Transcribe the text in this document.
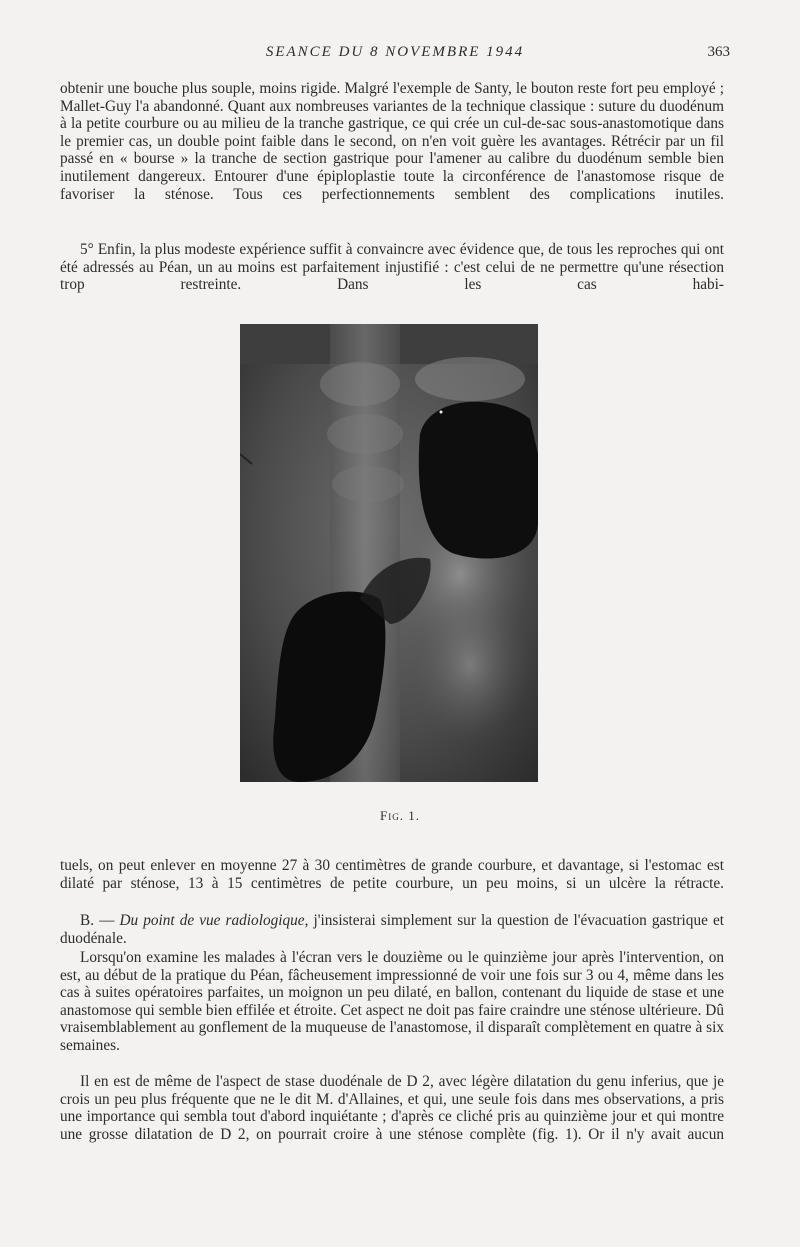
SEANCE DU 8 NOVEMBRE 1944	363

obtenir une bouche plus souple, moins rigide. Malgré l'exemple de Santy, le bouton reste fort peu employé ; Mallet-Guy l'a abandonné. Quant aux nombreuses variantes de la technique classique : suture du duodénum à la petite courbure ou au milieu de la tranche gastrique, ce qui crée un cul-de-sac sous-anastomotique dans le premier cas, un double point faible dans le second, on n'en voit guère les avantages. Rétrécir par un fil passé en « bourse » la tranche de section gastrique pour l'amener au calibre du duodénum semble bien inutilement dangereux. Entourer d'une épiploplastie toute la circonférence de l'anastomose risque de favoriser la sténose. Tous ces perfectionnements semblent des complications inutiles.

5° Enfin, la plus modeste expérience suffit à convaincre avec évidence que, de tous les reproches qui ont été adressés au Péan, un au moins est parfaitement injustifié : c'est celui de ne permettre qu'une résection trop restreinte. Dans les cas habi-

Fig. 1.

tuels, on peut enlever en moyenne 27 à 30 centimètres de grande courbure, et davantage, si l'estomac est dilaté par sténose, 13 à 15 centimètres de petite courbure, un peu moins, si un ulcère la rétracte.

B. — Du point de vue radiologique, j'insisterai simplement sur la question de l'évacuation gastrique et duodénale.

Lorsqu'on examine les malades à l'écran vers le douzième ou le quinzième jour après l'intervention, on est, au début de la pratique du Péan, fâcheusement impressionné de voir une fois sur 3 ou 4, même dans les cas à suites opératoires parfaites, un moignon un peu dilaté, en ballon, contenant du liquide de stase et une anastomose qui semble bien effilée et étroite. Cet aspect ne doit pas faire craindre une sténose ultérieure. Dû vraisemblablement au gonflement de la muqueuse de l'anastomose, il disparaît complètement en quatre à six semaines.

Il en est de même de l'aspect de stase duodénale de D 2, avec légère dilatation du genu inferius, que je crois un peu plus fréquente que ne le dit M. d'Allaines, et qui, une seule fois dans mes observations, a pris une importance qui sembla tout d'abord inquiétante ; d'après ce cliché pris au quinzième jour et qui montre une grosse dilatation de D 2, on pourrait croire à une sténose complète (fig. 1). Or il n'y avait aucun
